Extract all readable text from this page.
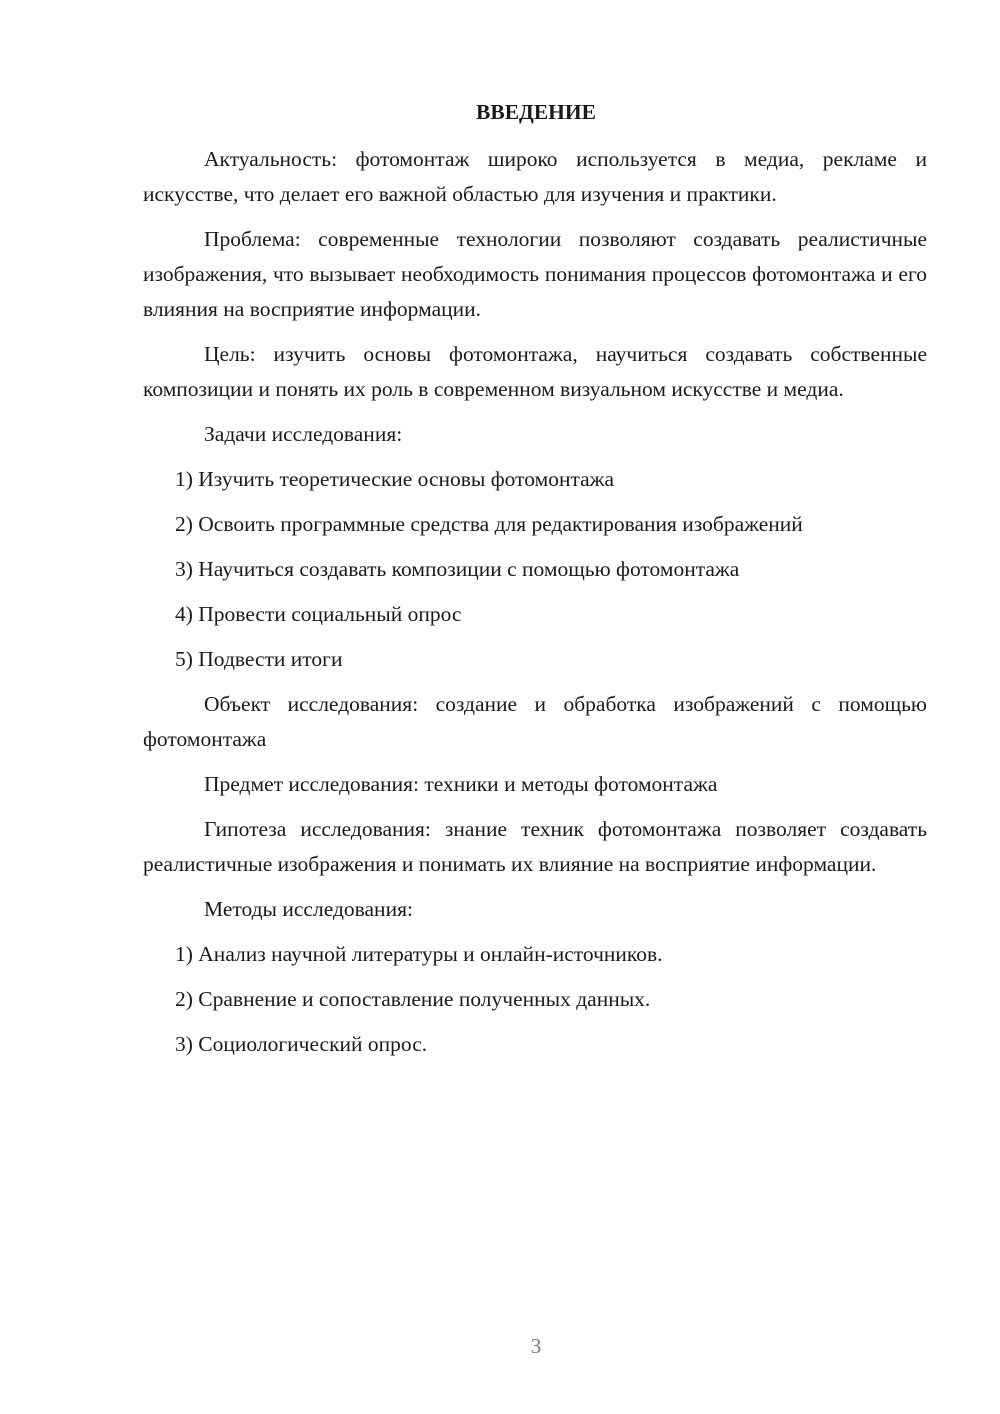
ВВЕДЕНИЕ

Актуальность: фотомонтаж широко используется в медиа, рекламе и искусстве, что делает его важной областью для изучения и практики.

Проблема: современные технологии позволяют создавать реалистичные изображения, что вызывает необходимость понимания процессов фотомонтажа и его влияния на восприятие информации.

Цель: изучить основы фотомонтажа, научиться создавать собственные композиции и понять их роль в современном визуальном искусстве и медиа.

Задачи исследования:

1) Изучить теоретические основы фотомонтажа

2) Освоить программные средства для редактирования изображений

3) Научиться создавать композиции с помощью фотомонтажа

4) Провести социальный опрос

5) Подвести итоги

Объект исследования: создание и обработка изображений с помощью фотомонтажа

Предмет исследования: техники и методы фотомонтажа

Гипотеза исследования: знание техник фотомонтажа позволяет создавать реалистичные изображения и понимать их влияние на восприятие информации.

Методы исследования:

1) Анализ научной литературы и онлайн-источников.

2) Сравнение и сопоставление полученных данных.

3) Социологический опрос.

3
